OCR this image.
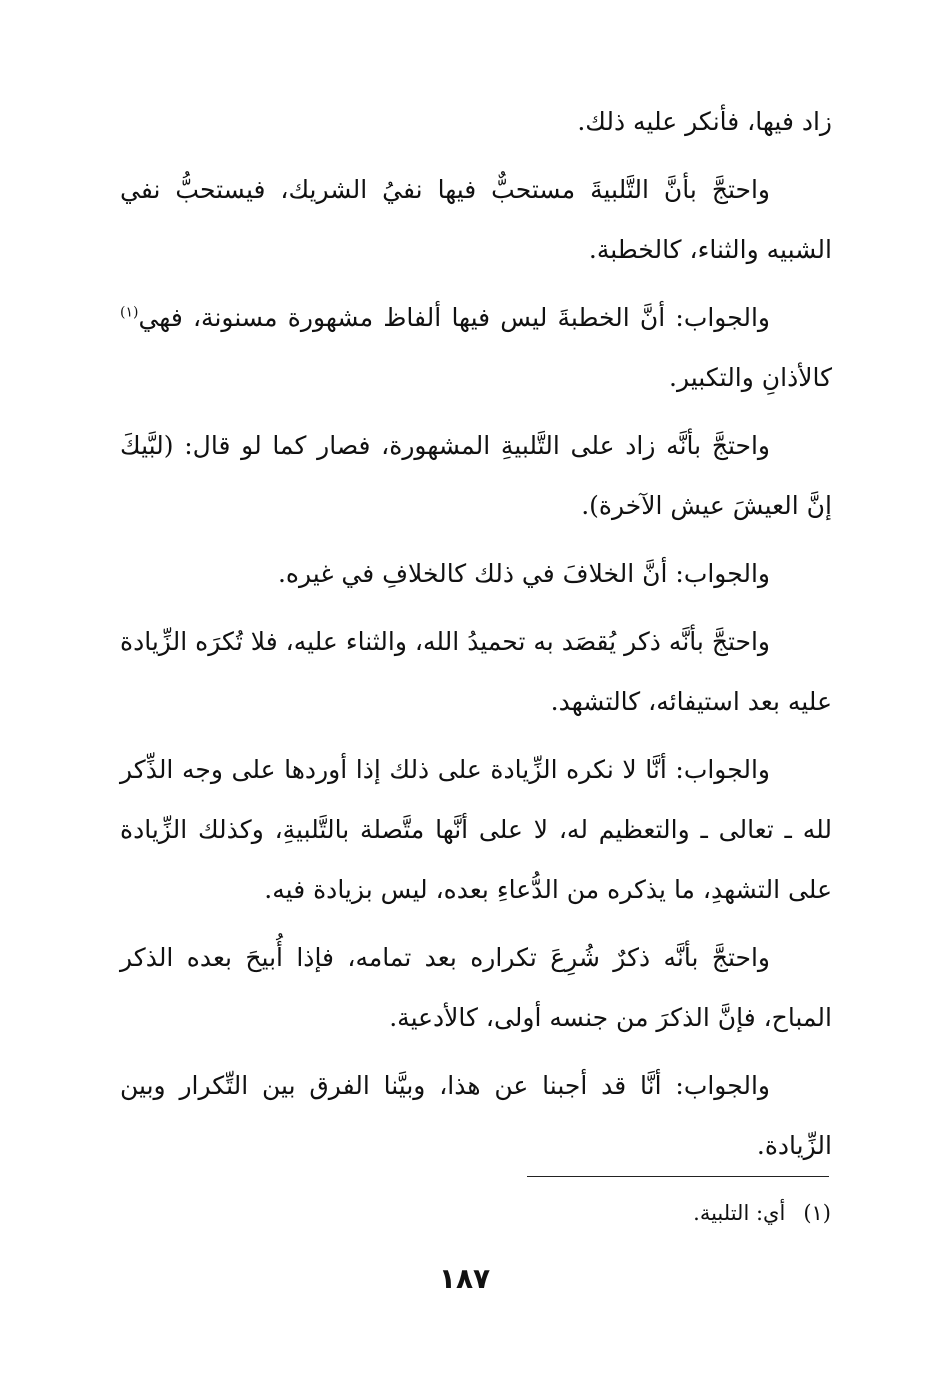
زاد فيها، فأنكر عليه ذلك.

واحتجَّ بأنَّ التَّلبيةَ مستحبٌّ فيها نفيُ الشريك، فيستحبُّ نفي الشبيه والثناء، كالخطبة.

والجواب: أنَّ الخطبةَ ليس فيها ألفاظ مشهورة مسنونة، فهي$^{(١)}$ كالأذانِ والتكبير.

واحتجَّ بأنَّه زاد على التَّلبيةِ المشهورة، فصار كما لو قال: (لبَّيكَ إنَّ العيشَ عيش الآخرة).

والجواب: أنَّ الخلافَ في ذلك كالخلافِ في غيره.

واحتجَّ بأنَّه ذكر يُقصَد به تحميدُ الله، والثناء عليه، فلا تُكرَه الزِّيادة عليه بعد استيفائه، كالتشهد.

والجواب: أنَّا لا نكره الزِّيادة على ذلك إذا أوردها على وجه الذِّكر لله ـ تعالى ـ والتعظيم له، لا على أنَّها متَّصلة بالتَّلبيةِ، وكذلك الزِّيادة على التشهدِ، ما يذكره من الدُّعاءِ بعده، ليس بزيادة فيه.

واحتجَّ بأنَّه ذكرٌ شُرِعَ تكراره بعد تمامه، فإذا أُبيحَ بعده الذكر المباح، فإنَّ الذكرَ من جنسه أولى، كالأدعية.

والجواب: أنَّا قد أجبنا عن هذا، وبيَّنا الفرق بين التِّكرار وبين الزِّيادة.

(١)أي: التلبية.
١٨٧
